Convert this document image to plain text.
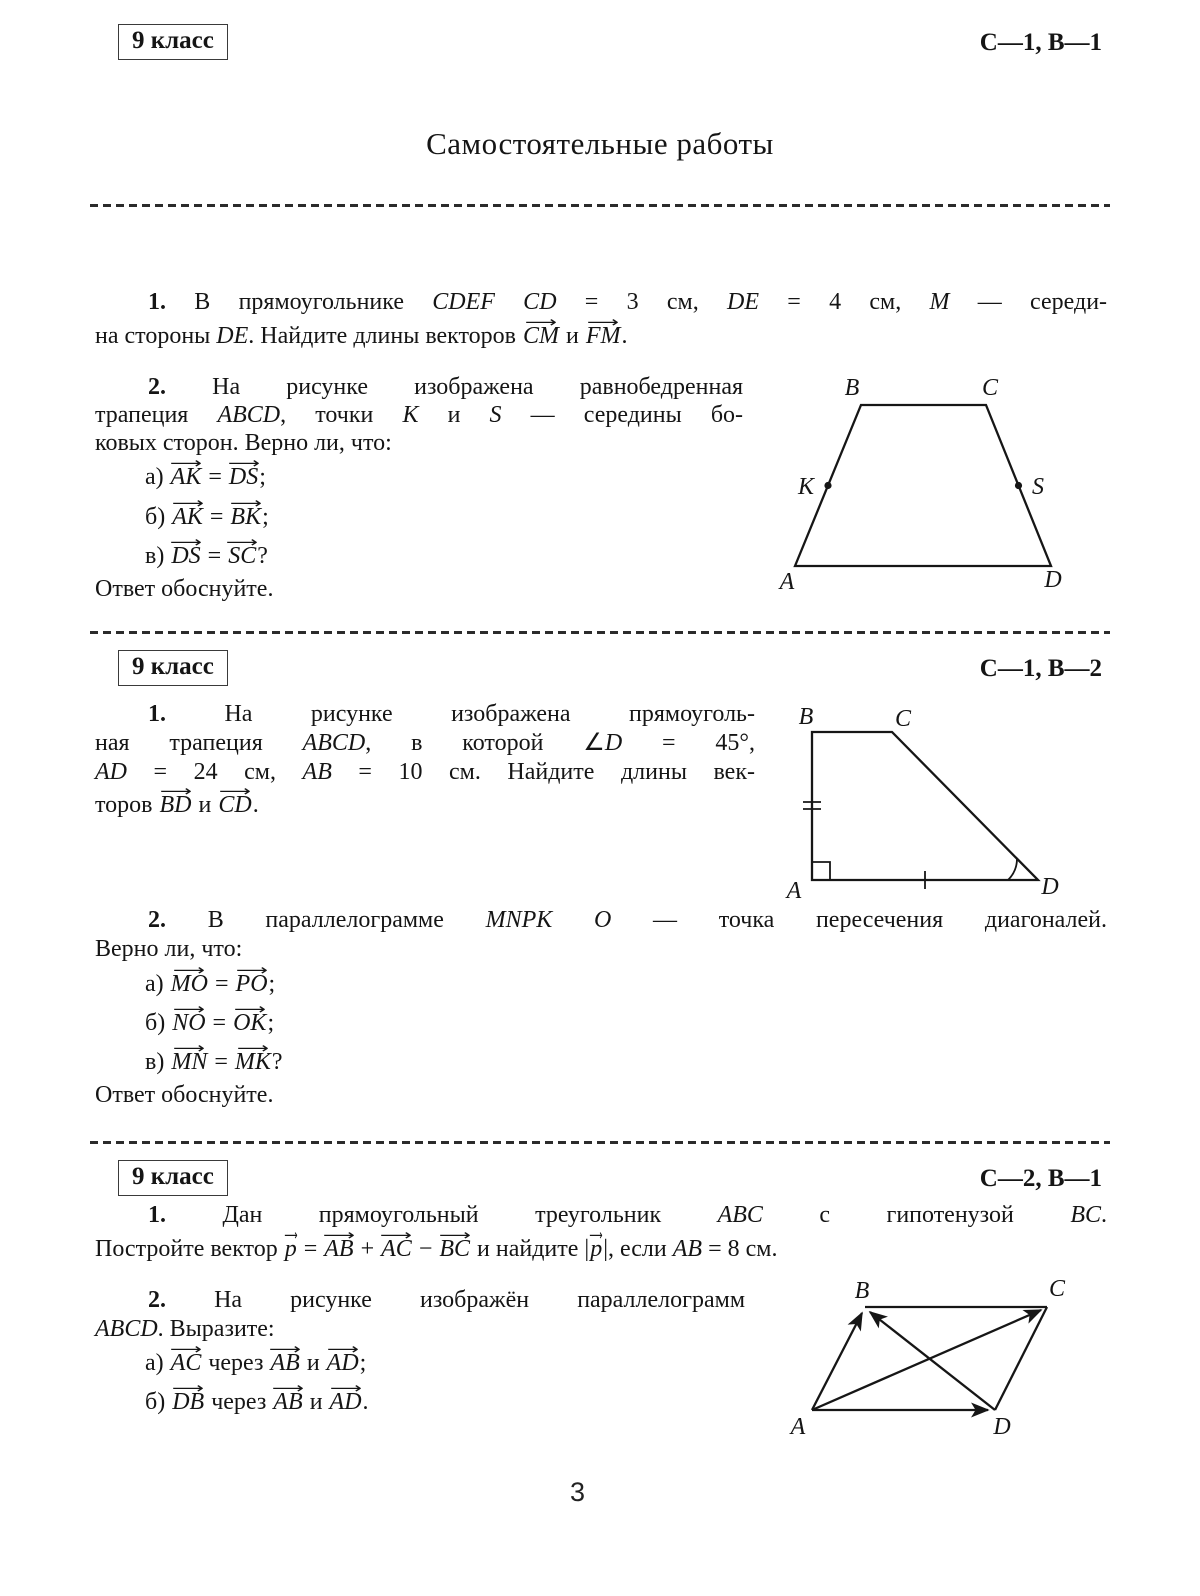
Самостоятельные работы
9 класс	С—1, В—1
1. В прямоугольнике CDEF CD = 3 см, DE = 4 см, M — середи-
на стороны DE. Найдите длины векторов CM ⟶ и FM ⟶.
2. На рисунке изображена равнобедренная
трапеция ABCD, точки K и S — середины бо-
ковых сторон. Верно ли, что:
а) AK ⟶ = DS ⟶;
б) AK ⟶ = BK ⟶;
в) DS ⟶ = SC ⟶?
Ответ обоснуйте.
B	C
A	D
K	S
9 класс	С—1, В—2
1. На рисунке изображена прямоуголь-
ная трапеция ABCD, в которой ∠D = 45°,
AD = 24 см, AB = 10 см. Найдите длины век-
торов BD ⟶ и CD ⟶.
B	C
A	D
2. В параллелограмме MNPK O — точка пересечения диагоналей.
Верно ли, что:
а) MO ⟶ = PO ⟶;
б) NO ⟶ = OK ⟶;
в) MN ⟶ = MK ⟶?
Ответ обоснуйте.
9 класс	С—2, В—1
1. Дан прямоугольный треугольник ABC с гипотенузой BC.
Постройте вектор p ⟶ = AB ⟶ + AC ⟶ − BC ⟶ и найдите |p ⟶|, если AB = 8 см.
2. На рисунке изображён параллелограмм
ABCD. Выразите:
а) AC ⟶ через AB ⟶ и AD ⟶;
б) DB ⟶ через AB ⟶ и AD ⟶.
B	C
A	D
3
